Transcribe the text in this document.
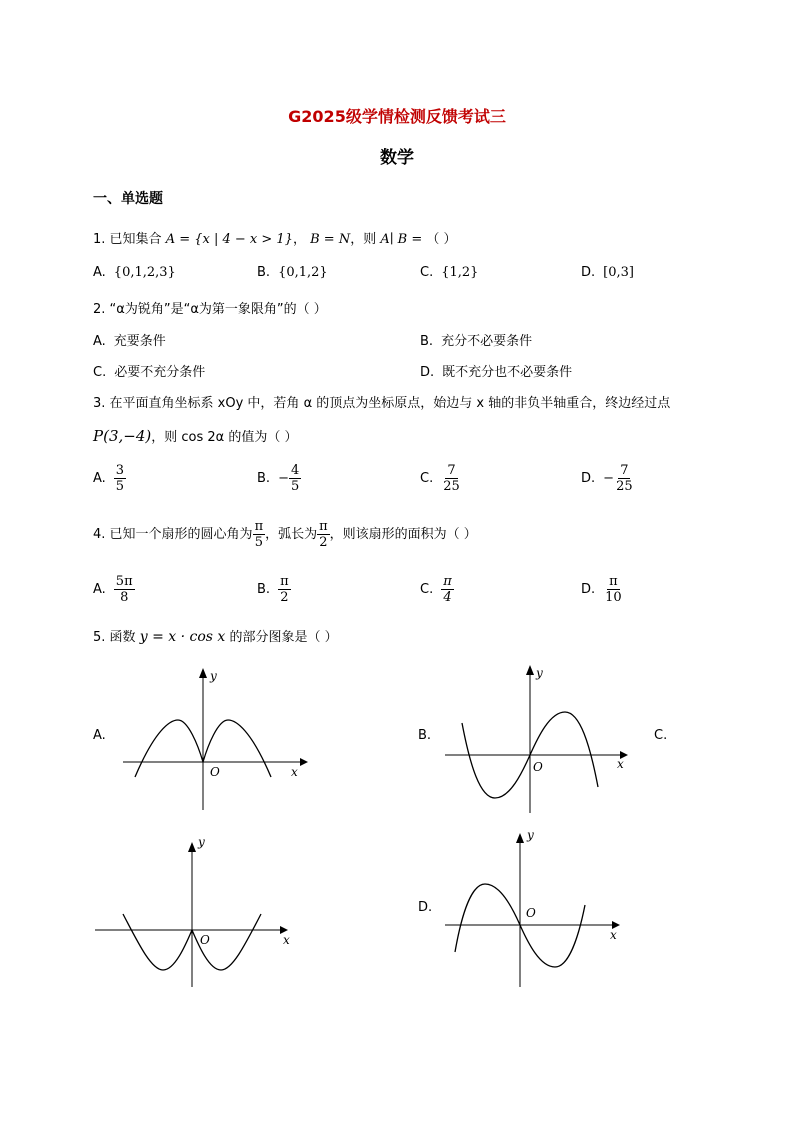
G2025级学情检测反馈考试三
数学
一、单选题
1. 已知集合 A = {x | 4 − x > 1}， B = N，则 A∣ B = （ ）
A. {0,1,2,3}	B. {0,1,2}	C. {1,2}	D. [0,3]
2. “α为锐角”是“α为第一象限角”的（ ）
A. 充要条件	B. 充分不必要条件
C. 必要不充分条件	D. 既不充分也不必要条件
3. 在平面直角坐标系 xOy 中，若角 α 的顶点为坐标原点，始边与 x 轴的非负半轴重合，终边经过点
P(3,−4)，则 cos 2α 的值为（ ）
A. $\frac{3}{5}$	B. − $\frac{4}{5}$	C. $\frac{7}{25}$	D. − $\frac{7}{25}$
4. 已知一个扇形的圆心角为 $\frac{\pi}{5}$ ，弧长为 $\frac{\pi}{2}$ ，则该扇形的面积为（ ）
A. $\frac{5\pi}{8}$	B. $\frac{\pi}{2}$	C. $\frac{\pi}{4}$	D. $\frac{\pi}{10}$
5. 函数 y = x · cos x 的部分图象是（ ）
A.	B.	C.
D.
y
x
O
y
x
O
y
x
O
y
x
O
